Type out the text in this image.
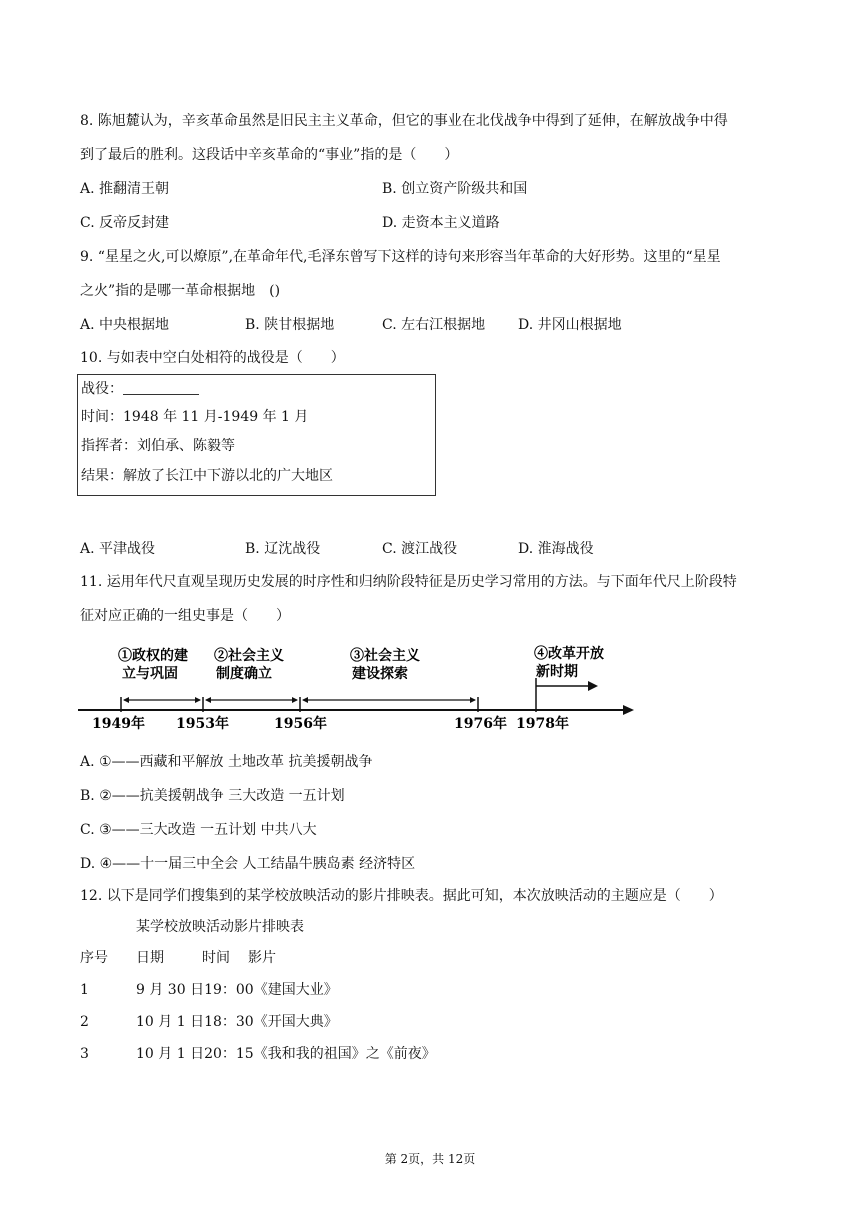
8. 陈旭麓认为，辛亥革命虽然是旧民主主义革命，但它的事业在北伐战争中得到了延伸，在解放战争中得
到了最后的胜利。这段话中辛亥革命的“事业”指的是（　　）
A. 推翻清王朝	B. 创立资产阶级共和国
C. 反帝反封建	D. 走资本主义道路
9. “星星之火,可以燎原”,在革命年代,毛泽东曾写下这样的诗句来形容当年革命的大好形势。这里的“星星
之火”指的是哪一革命根据地　()
A. 中央根据地	B. 陕甘根据地	C. 左右江根据地 D. 井冈山根据地
10. 与如表中空白处相符的战役是（　　）
战役：
时间：1948 年 11 月-1949 年 1 月
指挥者：刘伯承、陈毅等
结果：解放了长江中下游以北的广大地区
A. 平津战役	B. 辽沈战役	C. 渡江战役	D. 淮海战役
11. 运用年代尺直观呈现历史发展的时序性和归纳阶段特征是历史学习常用的方法。与下面年代尺上阶段特
征对应正确的一组史事是（　　）
①政权的建
立与巩固
②社会主义
制度确立
③社会主义
建设探索
④改革开放
新时期
1949年 1953年	1956年	1976年 1978年
A. ①——西藏和平解放 土地改革 抗美援朝战争
B. ②——抗美援朝战争 三大改造 一五计划
C. ③——三大改造 一五计划 中共八大
D. ④——十一届三中全会 人工结晶牛胰岛素 经济特区
12. 以下是同学们搜集到的某学校放映活动的影片排映表。据此可知，本次放映活动的主题应是（　　）
某学校放映活动影片排映表
序号 日期	时间 影片
1	9 月 30 日19：00《建国大业》
2	10 月 1 日18：30《开国大典》
3	10 月 1 日20：15《我和我的祖国》之《前夜》
第 2页，共 12页
